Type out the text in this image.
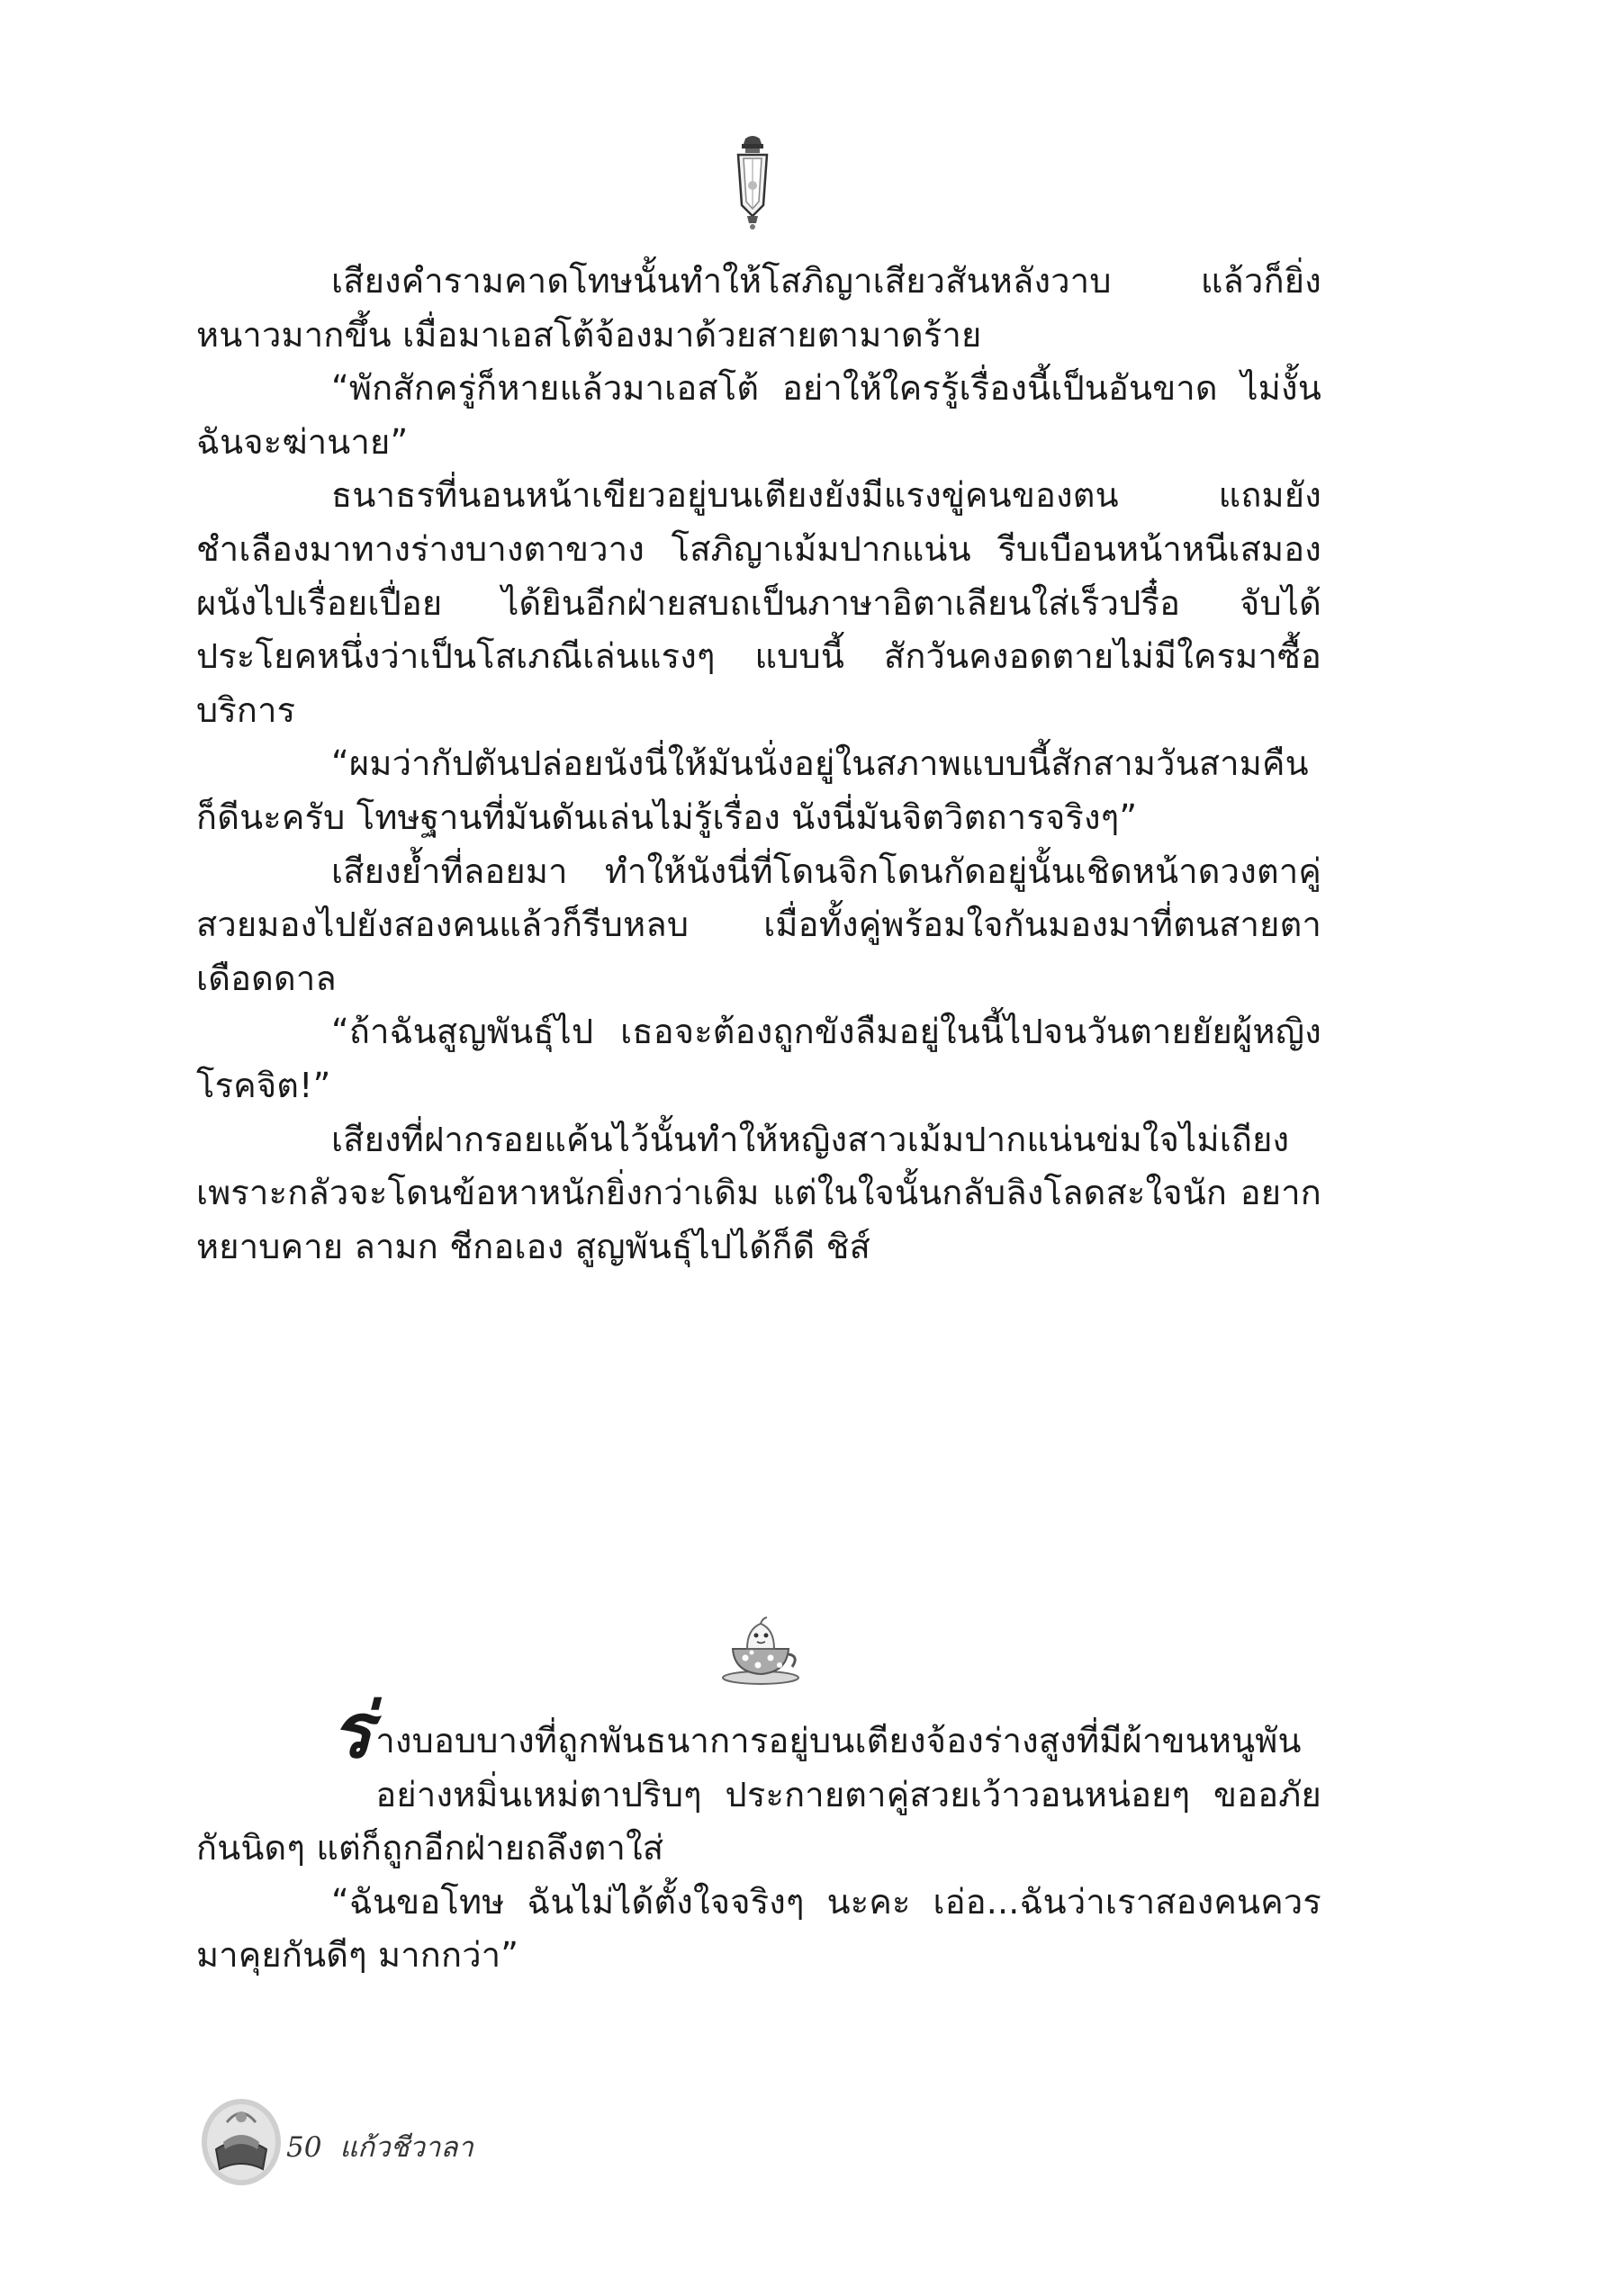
เสียงคำรามคาดโทษนั้นทำให้โสภิญาเสียวสันหลังวาบ แล้วก็ยิ่งหนาวมากขึ้น เมื่อมาเอสโต้จ้องมาด้วยสายตามาดร้าย

“พักสักครู่ก็หายแล้วมาเอสโต้ อย่าให้ใครรู้เรื่องนี้เป็นอันขาด ไม่งั้นฉันจะฆ่านาย”

ธนาธรที่นอนหน้าเขียวอยู่บนเตียงยังมีแรงขู่คนของตน แถมยังชำเลืองมาทางร่างบางตาขวาง โสภิญาเม้มปากแน่น รีบเบือนหน้าหนีเสมองผนังไปเรื่อยเปื่อย ได้ยินอีกฝ่ายสบถเป็นภาษาอิตาเลียนใส่เร็วปรื๋อ จับได้ประโยคหนึ่งว่าเป็นโสเภณีเล่นแรงๆ แบบนี้ สักวันคงอดตายไม่มีใครมาซื้อบริการ

“ผมว่ากัปตันปล่อยนังนี่ให้มันนั่งอยู่ในสภาพแบบนี้สักสามวันสามคืนก็ดีนะครับ โทษฐานที่มันดันเล่นไม่รู้เรื่อง นังนี่มันจิตวิตถารจริงๆ”

เสียงย้ำที่ลอยมา ทำให้นังนี่ที่โดนจิกโดนกัดอยู่นั้นเชิดหน้าดวงตาคู่สวยมองไปยังสองคนแล้วก็รีบหลบ เมื่อทั้งคู่พร้อมใจกันมองมาที่ตนสายตาเดือดดาล

“ถ้าฉันสูญพันธุ์ไป เธอจะต้องถูกขังลืมอยู่ในนี้ไปจนวันตายยัยผู้หญิงโรคจิต!”

เสียงที่ฝากรอยแค้นไว้นั้นทำให้หญิงสาวเม้มปากแน่นข่มใจไม่เถียง เพราะกลัวจะโดนข้อหาหนักยิ่งกว่าเดิม แต่ในใจนั้นกลับลิงโลดสะใจนัก อยากหยาบคาย ลามก ชีกอเอง สูญพันธุ์ไปได้ก็ดี ชิส์

ร่างบอบบางที่ถูกพันธนาการอยู่บนเตียงจ้องร่างสูงที่มีผ้าขนหนูพันอย่างหมิ่นเหม่ตาปริบๆ ประกายตาคู่สวยเว้าวอนหน่อยๆ ขออภัยกันนิดๆ แต่ก็ถูกอีกฝ่ายถลึงตาใส่

“ฉันขอโทษ ฉันไม่ได้ตั้งใจจริงๆ นะคะ เอ่อ...ฉันว่าเราสองคนควรมาคุยกันดีๆ มากกว่า”

50 แก้วชีวาลา
